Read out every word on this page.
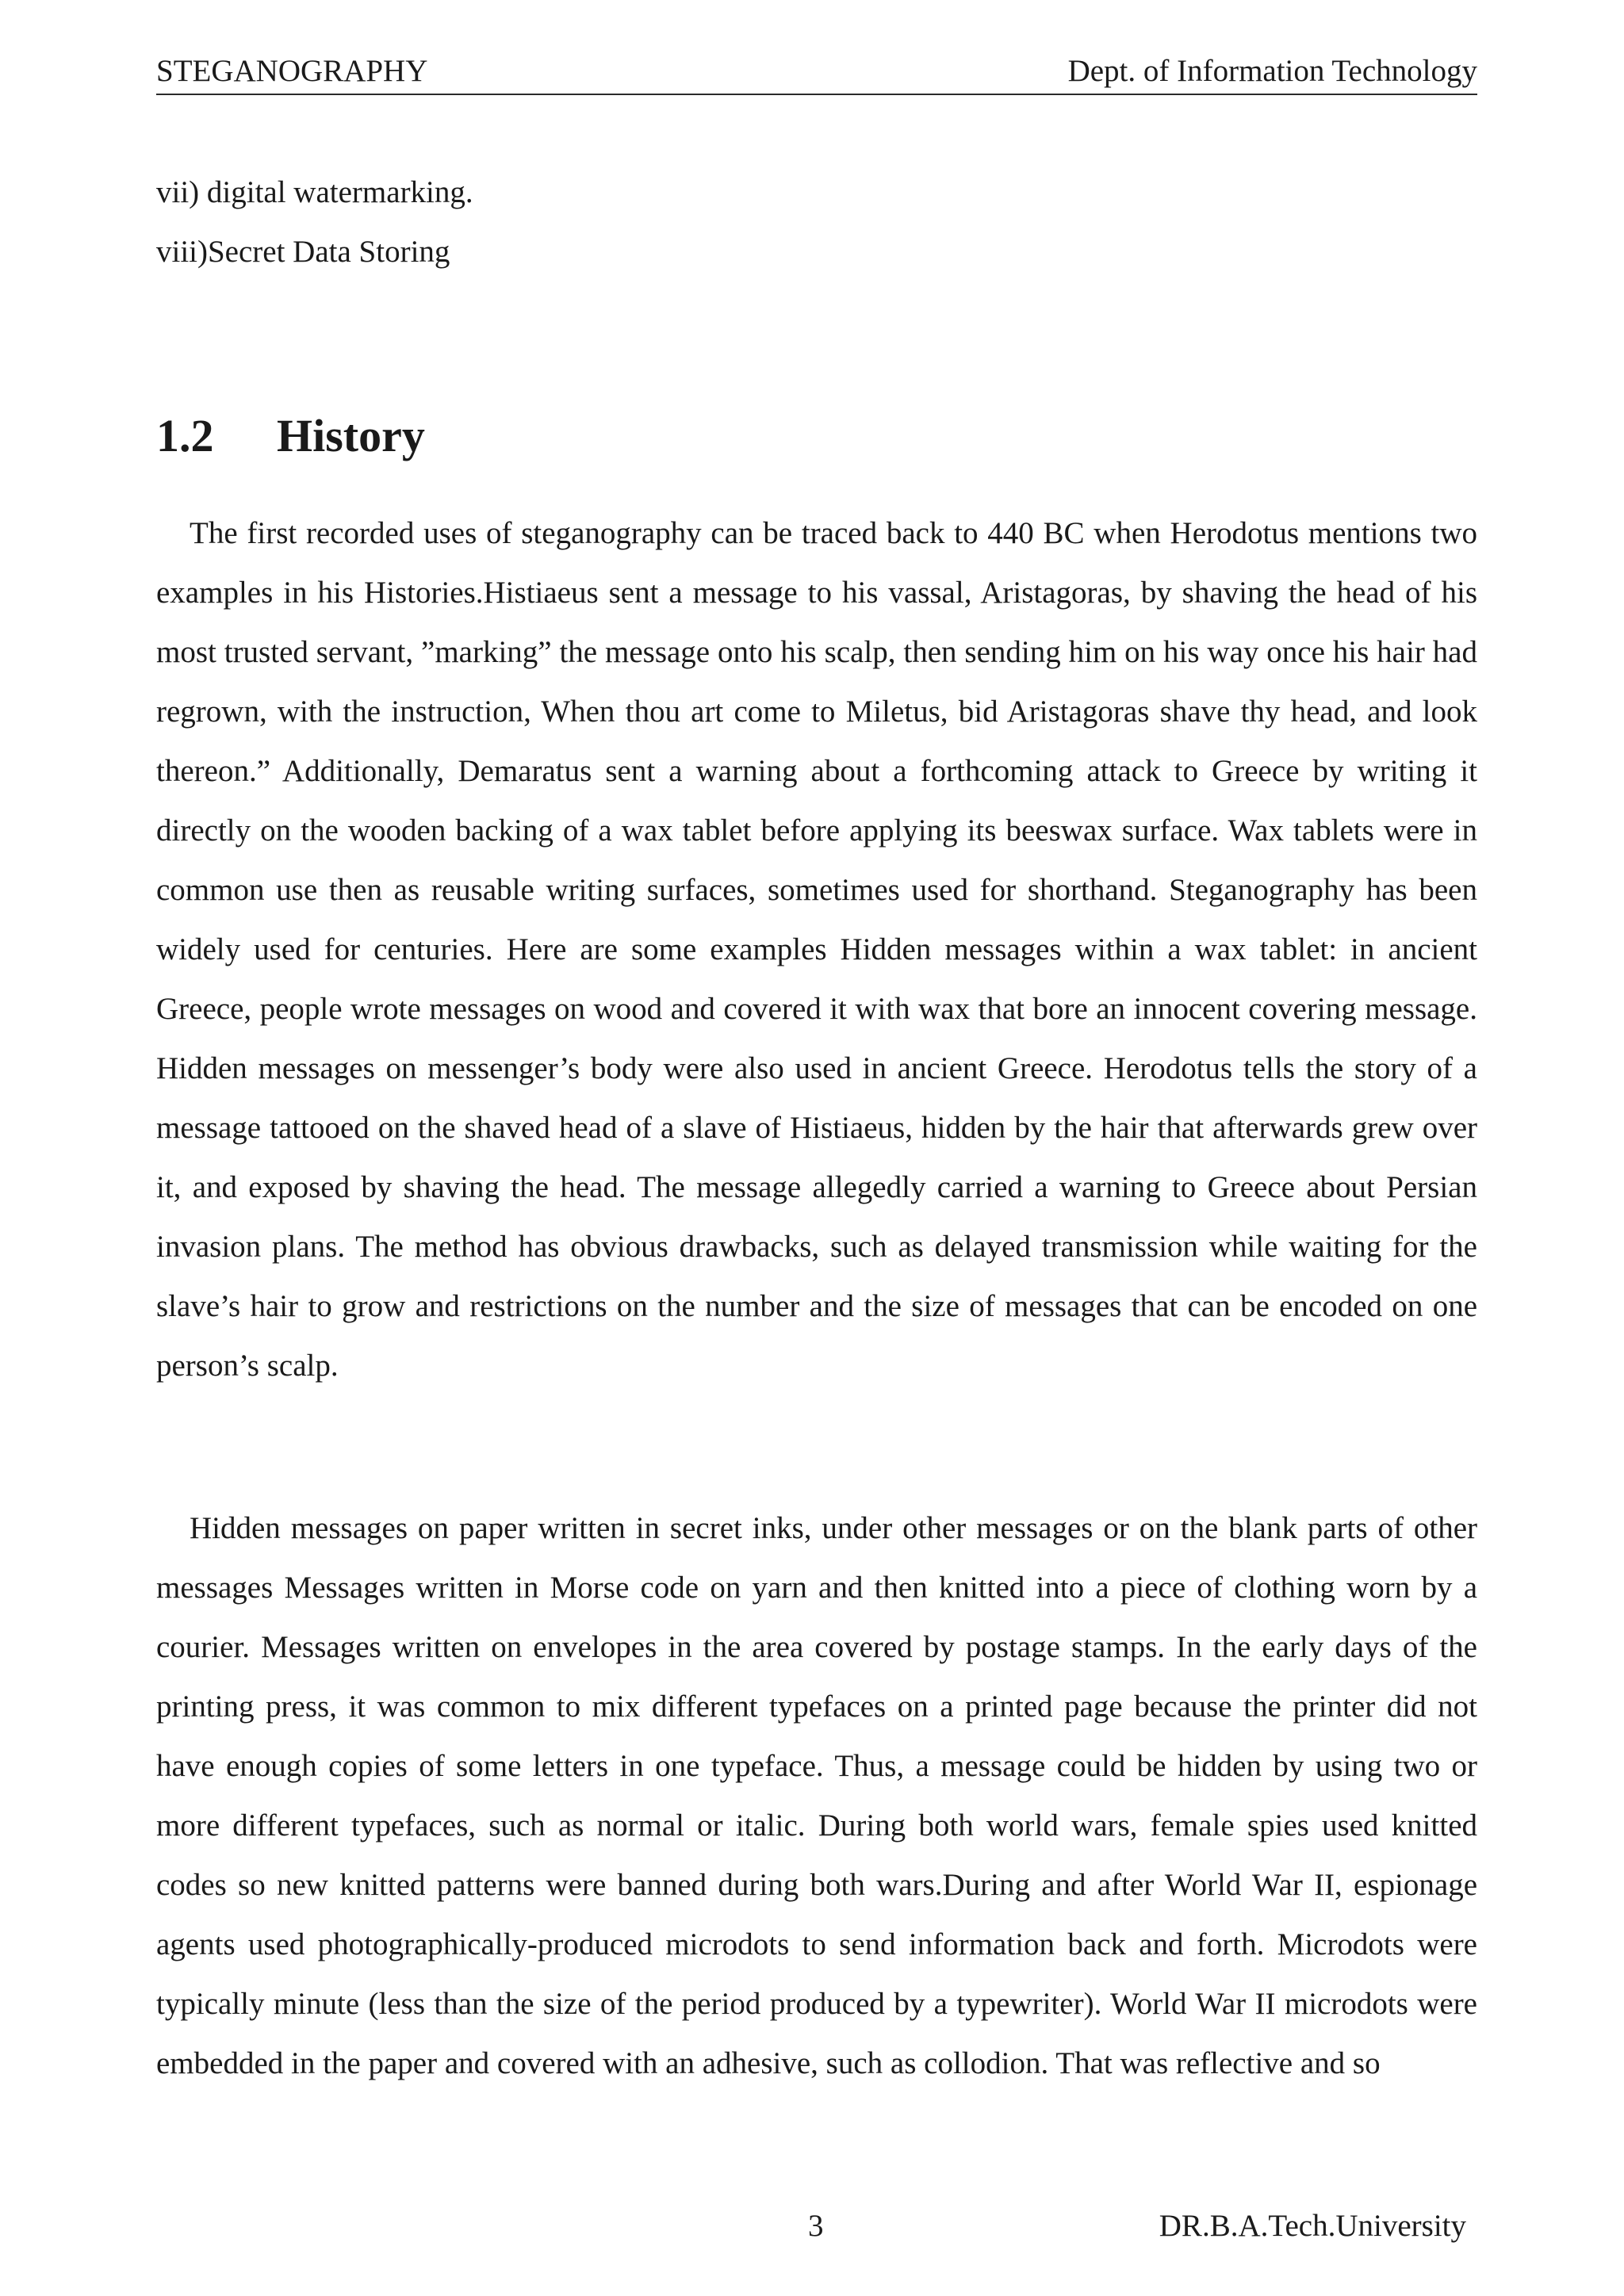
STEGANOGRAPHY	Dept. of Information Technology
vii) digital watermarking.
viii)Secret Data Storing
1.2 History

The first recorded uses of steganography can be traced back to 440 BC when Herodotus mentions two examples in his Histories.Histiaeus sent a message to his vassal, Aristagoras, by shaving the head of his most trusted servant, ”marking” the message onto his scalp, then sending him on his way once his hair had regrown, with the instruction, When thou art come to Miletus, bid Aristagoras shave thy head, and look thereon.” Additionally, Demaratus sent a warning about a forthcoming attack to Greece by writing it directly on the wooden backing of a wax tablet before applying its beeswax surface. Wax tablets were in common use then as reusable writing surfaces, sometimes used for shorthand. Steganography has been widely used for centuries. Here are some examples Hidden messages within a wax tablet: in ancient Greece, people wrote messages on wood and covered it with wax that bore an innocent covering message. Hidden messages on messenger’s body were also used in ancient Greece. Herodotus tells the story of a message tattooed on the shaved head of a slave of Histiaeus, hidden by the hair that afterwards grew over it, and exposed by shaving the head. The message allegedly carried a warning to Greece about Persian invasion plans. The method has obvious drawbacks, such as delayed transmission while waiting for the slave’s hair to grow and restrictions on the number and the size of messages that can be encoded on one person’s scalp.

Hidden messages on paper written in secret inks, under other messages or on the blank parts of other messages Messages written in Morse code on yarn and then knitted into a piece of clothing worn by a courier. Messages written on envelopes in the area covered by postage stamps. In the early days of the printing press, it was common to mix different typefaces on a printed page because the printer did not have enough copies of some letters in one typeface. Thus, a message could be hidden by using two or more different typefaces, such as normal or italic. During both world wars, female spies used knitted codes so new knitted patterns were banned during both wars.During and after World War II, espionage agents used photographically-produced microdots to send information back and forth. Microdots were typically minute (less than the size of the period produced by a typewriter). World War II microdots were embedded in the paper and covered with an adhesive, such as collodion. That was reflective and so

3	DR.B.A.Tech.University
